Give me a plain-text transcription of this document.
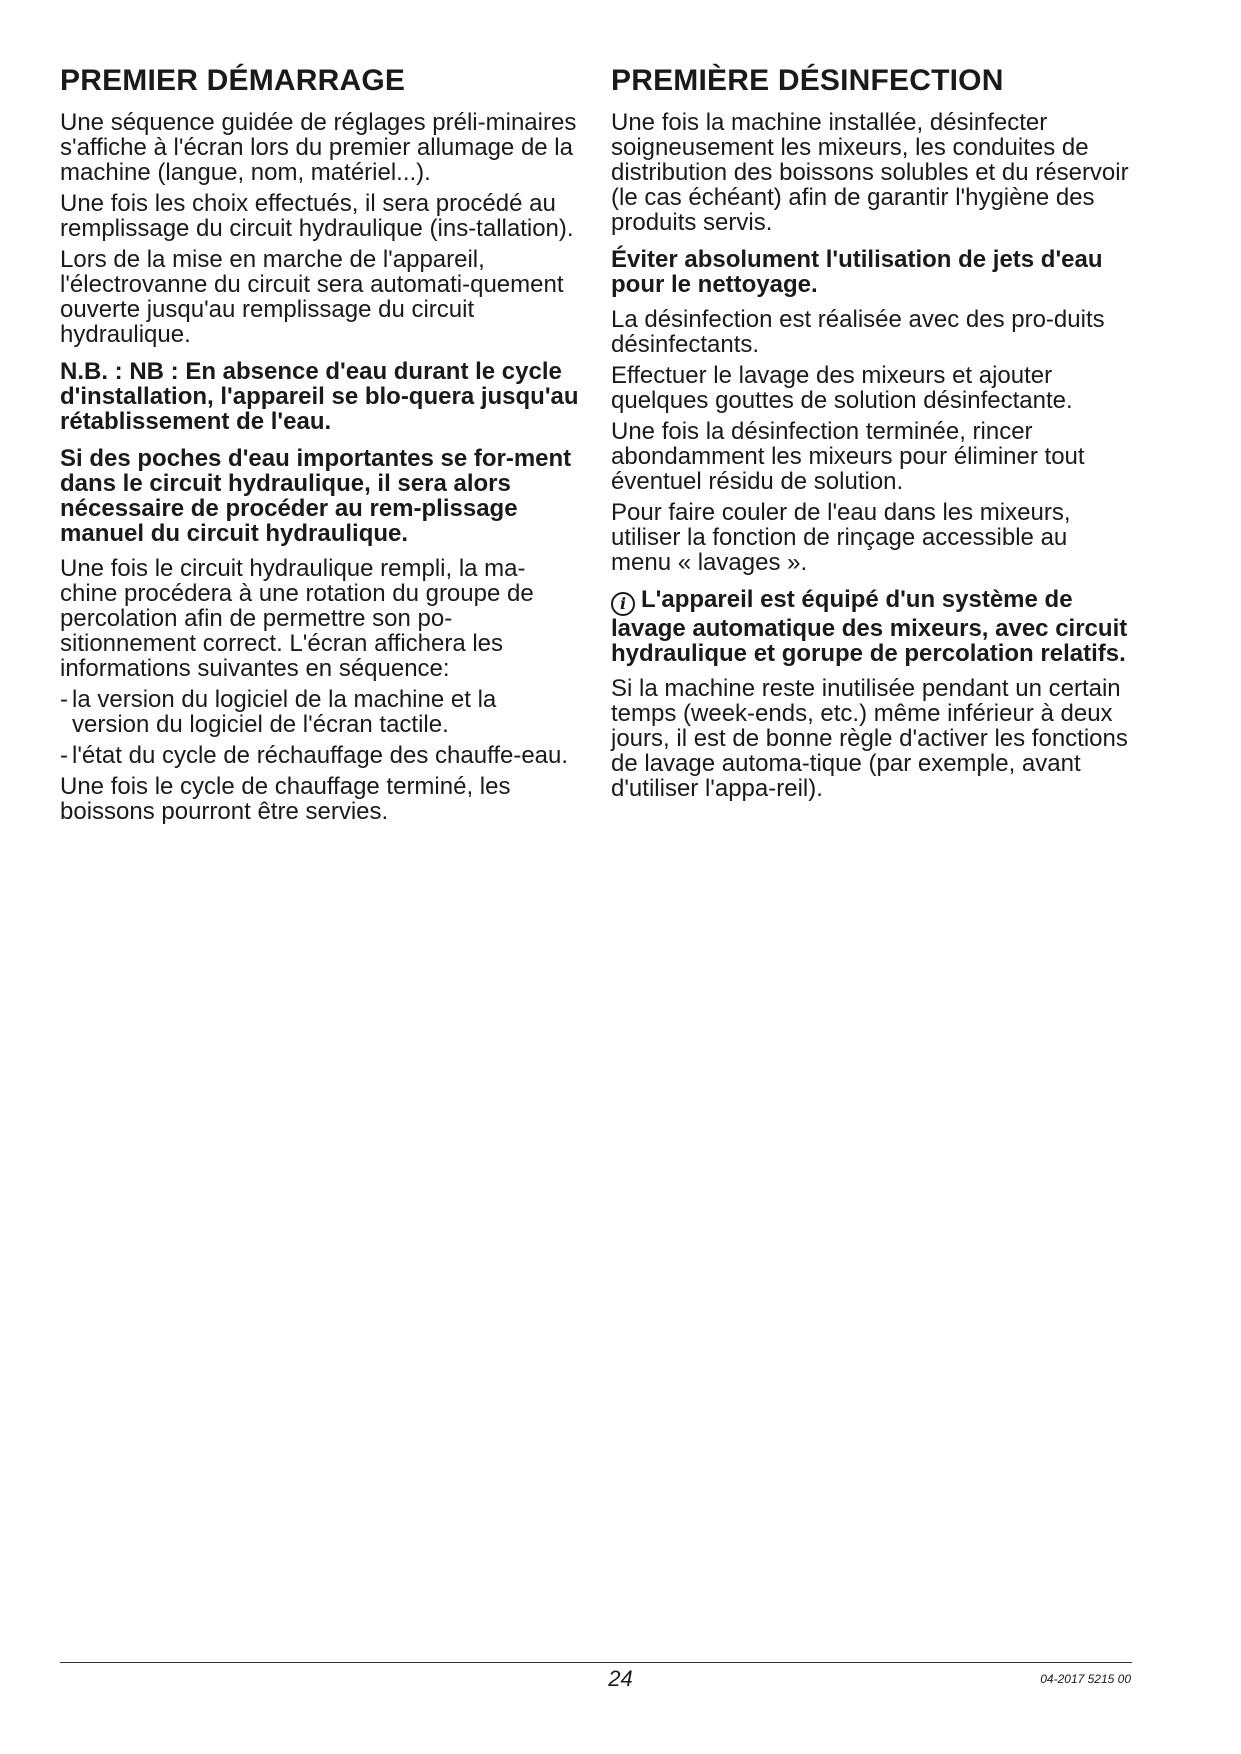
PREMIER DÉMARRAGE

Une séquence guidée de réglages préli-minaires s'affiche à l'écran lors du premier allumage de la machine (langue, nom, matériel...).

Une fois les choix effectués, il sera procédé au remplissage du circuit hydraulique (ins-tallation).

Lors de la mise en marche de l'appareil, l'électrovanne du circuit sera automati-quement ouverte jusqu'au remplissage du circuit hydraulique.

N.B. : NB : En absence d'eau durant le cycle d'installation, l'appareil se blo-quera jusqu'au rétablissement de l'eau.

Si des poches d'eau importantes se for-ment dans le circuit hydraulique, il sera alors nécessaire de procéder au rem-plissage manuel du circuit hydraulique.

Une fois le circuit hydraulique rempli, la ma-chine procédera à une rotation du groupe de percolation afin de permettre son po-sitionnement correct. L'écran affichera les informations suivantes en séquence:

- la version du logiciel de la machine et la version du logiciel de l'écran tactile.
- l'état du cycle de réchauffage des chauffe-eau.

Une fois le cycle de chauffage terminé, les boissons pourront être servies.

PREMIÈRE DÉSINFECTION

Une fois la machine installée, désinfecter soigneusement les mixeurs, les conduites de distribution des boissons solubles et du réservoir (le cas échéant) afin de garantir l'hygiène des produits servis.

Éviter absolument l'utilisation de jets d'eau pour le nettoyage.

La désinfection est réalisée avec des pro-duits désinfectants.

Effectuer le lavage des mixeurs et ajouter quelques gouttes de solution désinfectante.

Une fois la désinfection terminée, rincer abondamment les mixeurs pour éliminer tout éventuel résidu de solution.

Pour faire couler de l'eau dans les mixeurs, utiliser la fonction de rinçage accessible au menu « lavages ».

i L'appareil est équipé d'un système de lavage automatique des mixeurs, avec circuit hydraulique et gorupe de percolation relatifs.

Si la machine reste inutilisée pendant un certain temps (week-ends, etc.) même inférieur à deux jours, il est de bonne règle d'activer les fonctions de lavage automa-tique (par exemple, avant d'utiliser l'appa-reil).

24	04-2017 5215 00
